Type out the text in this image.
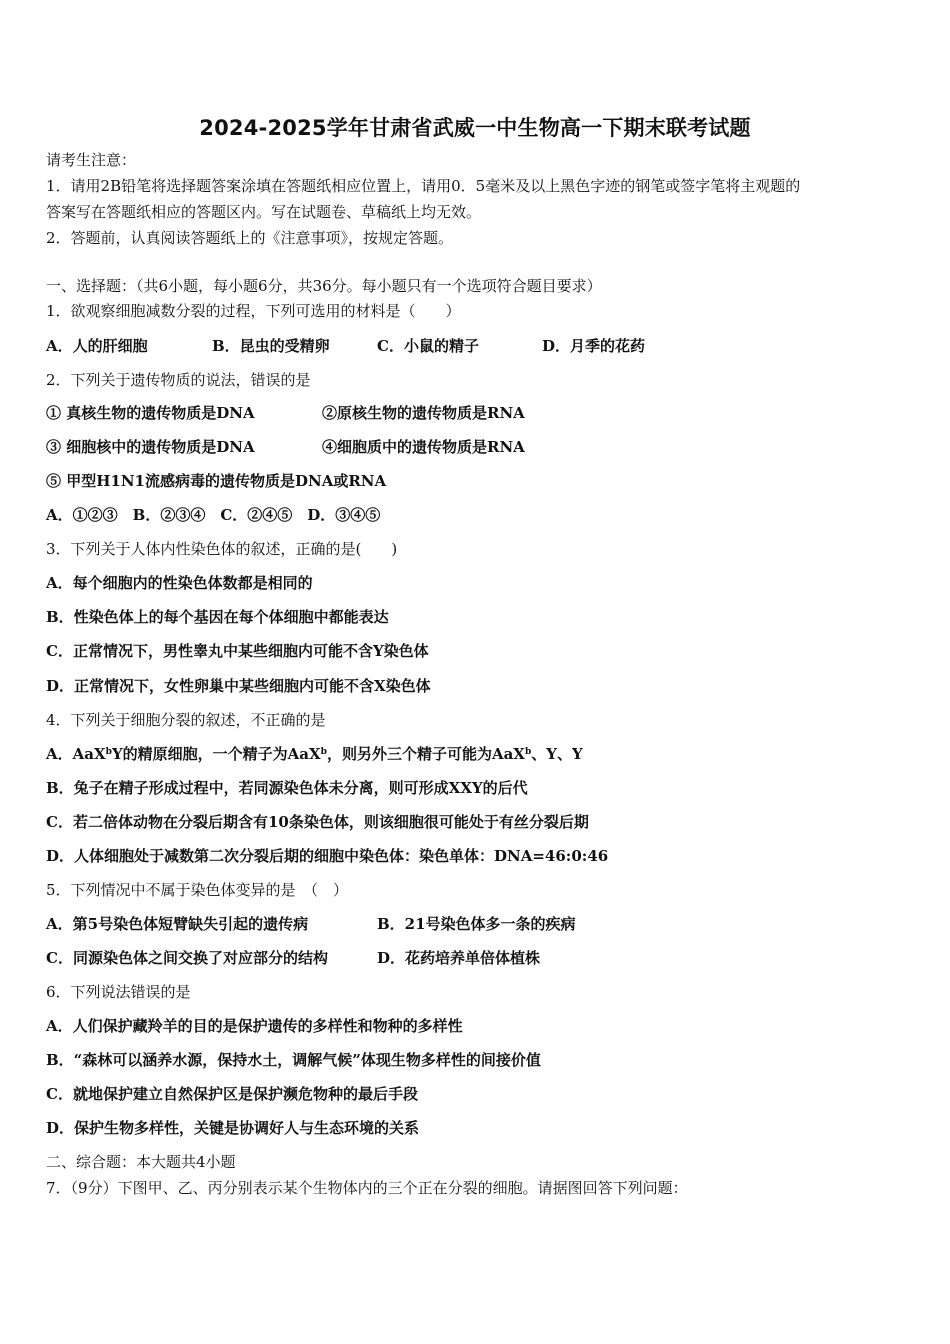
2024-2025学年甘肃省武威一中生物高一下期末联考试题
请考生注意：
1．请用2B铅笔将选择题答案涂填在答题纸相应位置上，请用0．5毫米及以上黑色字迹的钢笔或签字笔将主观题的
答案写在答题纸相应的答题区内。写在试题卷、草稿纸上均无效。
2．答题前，认真阅读答题纸上的《注意事项》，按规定答题。
一、选择题：（共6小题，每小题6分，共36分。每小题只有一个选项符合题目要求）
1．欲观察细胞减数分裂的过程，下列可选用的材料是（　　）
A．人的肝细胞	B．昆虫的受精卵	C．小鼠的精子	D．月季的花药
2．下列关于遗传物质的说法，错误的是
① 真核生物的遗传物质是DNA	②原核生物的遗传物质是RNA
③ 细胞核中的遗传物质是DNA	④细胞质中的遗传物质是RNA
⑤ 甲型H1N1流感病毒的遗传物质是DNA或RNA
A．①②③　B．②③④　C．②④⑤　D．③④⑤
3．下列关于人体内性染色体的叙述，正确的是(　　)
A．每个细胞内的性染色体数都是相同的
B．性染色体上的每个基因在每个体细胞中都能表达
C．正常情况下，男性睾丸中某些细胞内可能不含Y染色体
D．正常情况下，女性卵巢中某些细胞内可能不含X染色体
4．下列关于细胞分裂的叙述，不正确的是
A．AaX$^b$Y的精原细胞，一个精子为AaX$^b$，则另外三个精子可能为AaX$^b$、Y、Y
B．兔子在精子形成过程中，若同源染色体未分离，则可形成XXY的后代
C．若二倍体动物在分裂后期含有10条染色体，则该细胞很可能处于有丝分裂后期
D．人体细胞处于减数第二次分裂后期的细胞中染色体：染色单体：DNA=46:0:46
5．下列情况中不属于染色体变异的是　（　）
A．第5号染色体短臂缺失引起的遗传病	B．21号染色体多一条的疾病
C．同源染色体之间交换了对应部分的结构	D．花药培养单倍体植株
6．下列说法错误的是
A．人们保护藏羚羊的目的是保护遗传的多样性和物种的多样性
B．“森林可以涵养水源，保持水土，调解气候”体现生物多样性的间接价值
C．就地保护建立自然保护区是保护濒危物种的最后手段
D．保护生物多样性，关键是协调好人与生态环境的关系
二、综合题：本大题共4小题
7．（9分）下图甲、乙、丙分别表示某个生物体内的三个正在分裂的细胞。请据图回答下列问题：
